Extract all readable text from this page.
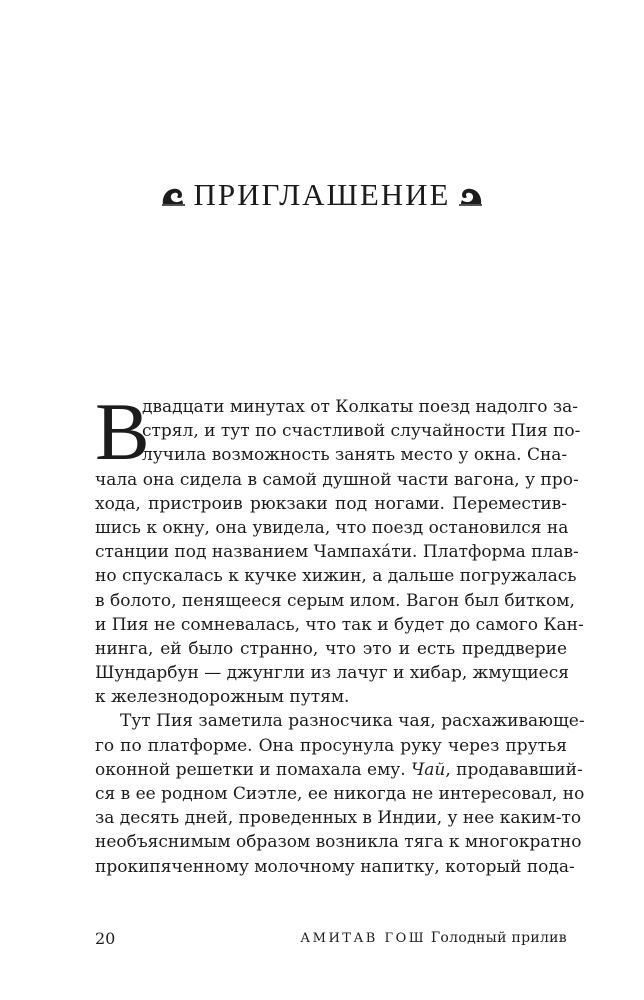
ПРИГЛАШЕНИЕ
В
двадцати минутах от Колкаты поезд надолго за-
стрял, и тут по счастливой случайности Пия по-
лучила возможность занять место у окна. Сна-
чала она сидела в самой душной части вагона, у про-
хода, пристроив рюкзаки под ногами. Переместив-
шись к окну, она увидела, что поезд остановился на
станции под названием Чампаха́ти. Платформа плав-
но спускалась к кучке хижин, а дальше погружалась
в болото, пенящееся серым илом. Вагон был битком,
и Пия не сомневалась, что так и будет до самого Кан-
нинга, ей было странно, что это и есть преддверие
Шундарбун — джунгли из лачуг и хибар, жмущиеся
к железнодорожным путям.
Тут Пия заметила разносчика чая, расхаживающе-
го по платформе. Она просунула руку через прутья
оконной решетки и помахала ему. Чай, продававший-
ся в ее родном Сиэтле, ее никогда не интересовал, но
за десять дней, проведенных в Индии, у нее каким-то
необъяснимым образом возникла тяга к многократно
прокипяченному молочному напитку, который пода-
20	АМИТАВ ГОШ Голодный прилив
